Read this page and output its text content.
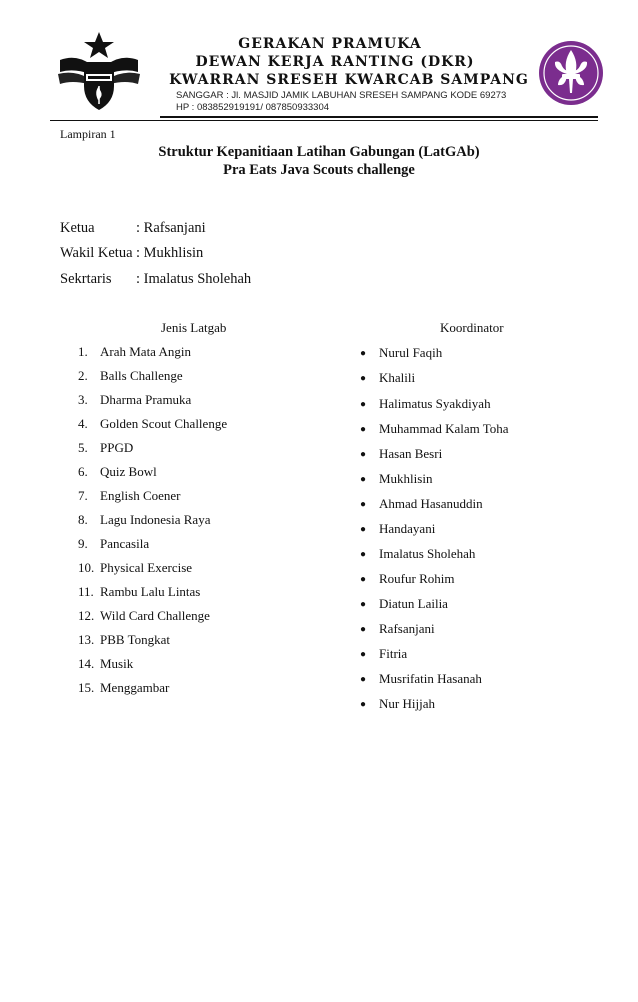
GERAKAN PRAMUKA
DEWAN KERJA RANTING (DKR)
KWARRAN SRESEH KWARCAB SAMPANG
SANGGAR : Jl. MASJID JAMIK LABUHAN SRESEH SAMPANG KODE 69273
HP : 083852919191/ 087850933304
Lampiran 1
Struktur Kepanitiaan Latihan Gabungan (LatGAb)
Pra Eats Java Scouts challenge
Ketua	: Rafsanjani
Wakil Ketua : Mukhlisin
Sekrtaris : Imalatus Sholehah
Jenis Latgab	Koordinator
1. Arah Mata Angin
2. Balls Challenge
3. Dharma Pramuka
4. Golden Scout Challenge
5. PPGD
6. Quiz Bowl
7. English Coener
8. Lagu Indonesia Raya
9. Pancasila
10. Physical Exercise
11. Rambu Lalu Lintas
12. Wild Card Challenge
13. PBB Tongkat
14. Musik
15. Menggambar
● Nurul Faqih
● Khalili
● Halimatus Syakdiyah
● Muhammad Kalam Toha
● Hasan Besri
● Mukhlisin
● Ahmad Hasanuddin
● Handayani
● Imalatus Sholehah
● Roufur Rohim
● Diatun Lailia
● Rafsanjani
● Fitria
● Musrifatin Hasanah
● Nur Hijjah
